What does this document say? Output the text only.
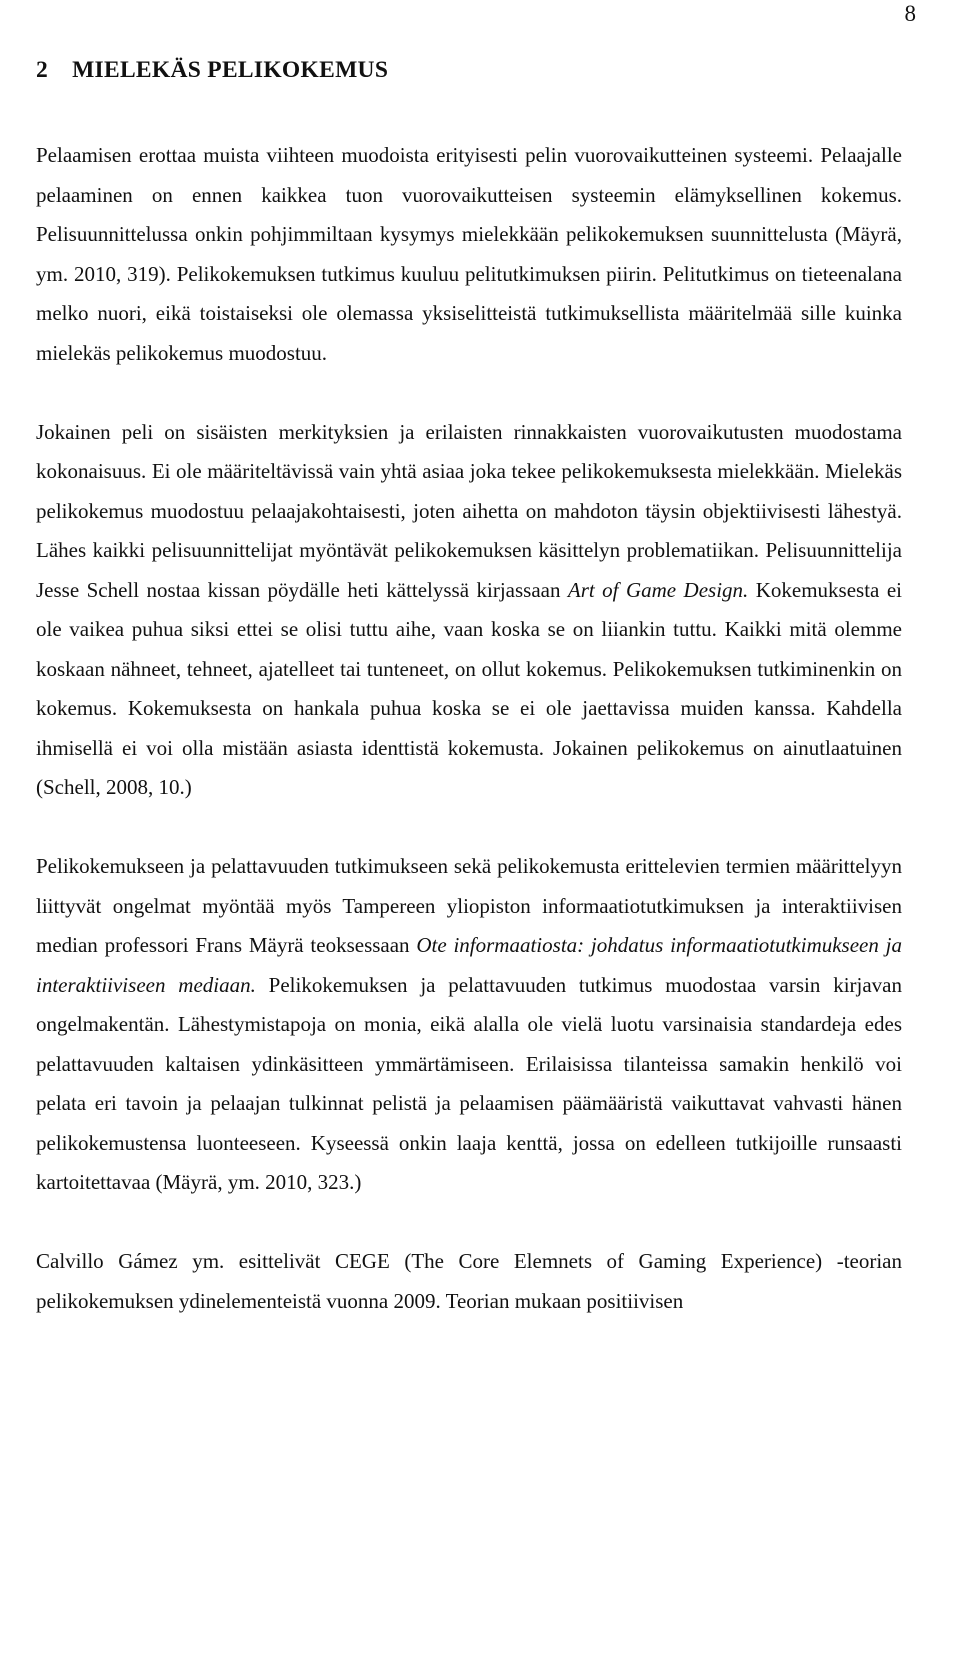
8
2 MIELEKÄS PELIKOKEMUS

Pelaamisen erottaa muista viihteen muodoista erityisesti pelin vuorovaikutteinen systeemi. Pelaajalle pelaaminen on ennen kaikkea tuon vuorovaikutteisen systeemin elämyksellinen kokemus. Pelisuunnittelussa onkin pohjimmiltaan kysymys mielekkään pelikokemuksen suunnittelusta (Mäyrä, ym. 2010, 319). Pelikokemuksen tutkimus kuuluu pelitutkimuksen piirin. Pelitutkimus on tieteenalana melko nuori, eikä toistaiseksi ole olemassa yksiselitteistä tutkimuksellista määritelmää sille kuinka mielekäs pelikokemus muodostuu.

Jokainen peli on sisäisten merkityksien ja erilaisten rinnakkaisten vuorovaikutusten muodostama kokonaisuus. Ei ole määriteltävissä vain yhtä asiaa joka tekee pelikokemuksesta mielekkään. Mielekäs pelikokemus muodostuu pelaajakohtaisesti, joten aihetta on mahdoton täysin objektiivisesti lähestyä. Lähes kaikki pelisuunnittelijat myöntävät pelikokemuksen käsittelyn problematiikan. Pelisuunnittelija Jesse Schell nostaa kissan pöydälle heti kättelyssä kirjassaan Art of Game Design. Kokemuksesta ei ole vaikea puhua siksi ettei se olisi tuttu aihe, vaan koska se on liiankin tuttu. Kaikki mitä olemme koskaan nähneet, tehneet, ajatelleet tai tunteneet, on ollut kokemus. Pelikokemuksen tutkiminenkin on kokemus. Kokemuksesta on hankala puhua koska se ei ole jaettavissa muiden kanssa. Kahdella ihmisellä ei voi olla mistään asiasta identtistä kokemusta. Jokainen pelikokemus on ainutlaatuinen (Schell, 2008, 10.)

Pelikokemukseen ja pelattavuuden tutkimukseen sekä pelikokemusta erittelevien termien määrittelyyn liittyvät ongelmat myöntää myös Tampereen yliopiston informaatiotutkimuksen ja interaktiivisen median professori Frans Mäyrä teoksessaan Ote informaatiosta: johdatus informaatiotutkimukseen ja interaktiiviseen mediaan. Pelikokemuksen ja pelattavuuden tutkimus muodostaa varsin kirjavan ongelmakentän. Lähestymistapoja on monia, eikä alalla ole vielä luotu varsinaisia standardeja edes pelattavuuden kaltaisen ydinkäsitteen ymmärtämiseen. Erilaisissa tilanteissa samakin henkilö voi pelata eri tavoin ja pelaajan tulkinnat pelistä ja pelaamisen päämääristä vaikuttavat vahvasti hänen pelikokemustensa luonteeseen. Kyseessä onkin laaja kenttä, jossa on edelleen tutkijoille runsaasti kartoitettavaa (Mäyrä, ym. 2010, 323.)

Calvillo Gámez ym. esittelivät CEGE (The Core Elemnets of Gaming Experience) -teorian pelikokemuksen ydinelementeistä vuonna 2009. Teorian mukaan positiivisen
